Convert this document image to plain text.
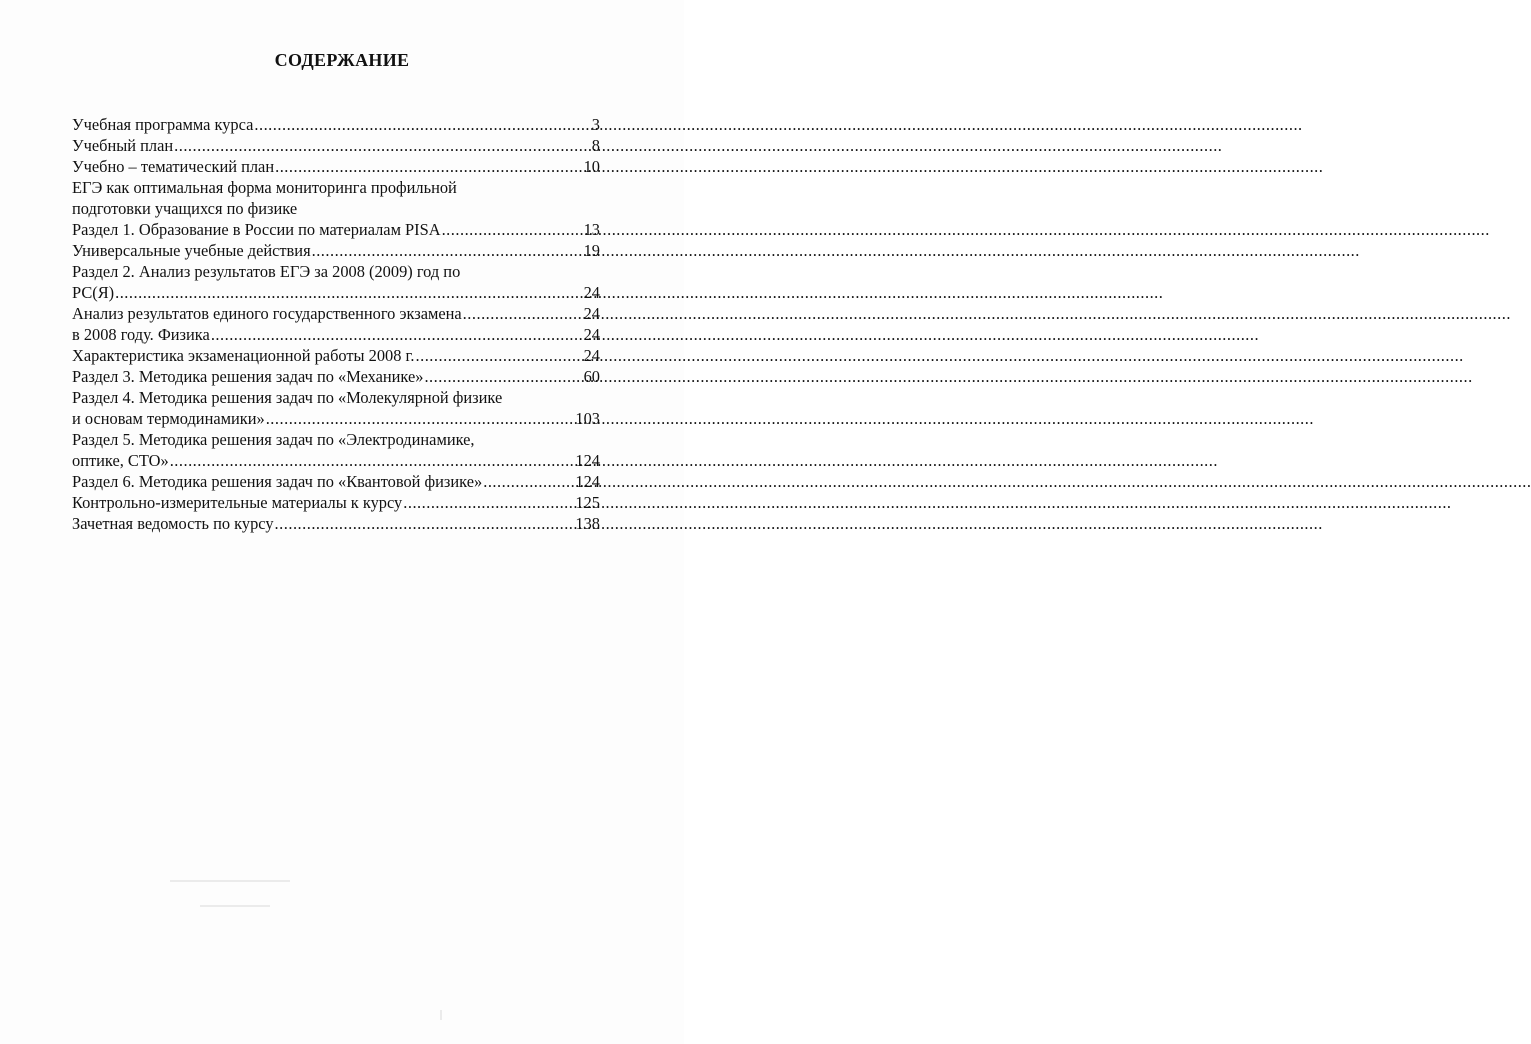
СОДЕРЖАНИЕ
Учебная программа курса .....	3
Учебный план .....	8
Учебно – тематический план .....	10
ЕГЭ как оптимальная форма мониторинга профильной
подготовки учащихся по физике
Раздел 1. Образование в России по материалам PISA .....	13
Универсальные учебные действия .....	19
Раздел 2. Анализ результатов ЕГЭ за 2008 (2009) год по
РС(Я) .....	24
Анализ результатов единого государственного экзамена .....	24
в 2008 году. Физика .....	24
Характеристика экзаменационной работы 2008 г. .....	24
Раздел 3. Методика решения задач по «Механике» .....	60
Раздел 4. Методика решения задач по «Молекулярной физике
и основам термодинамики» .....	103
Раздел 5. Методика решения задач по «Электродинамике,
оптике, СТО» .....	124
Раздел 6. Методика решения задач по «Квантовой физике» .....	124
Контрольно-измерительные материалы к курсу .....	125
Зачетная ведомость по курсу .....	138
